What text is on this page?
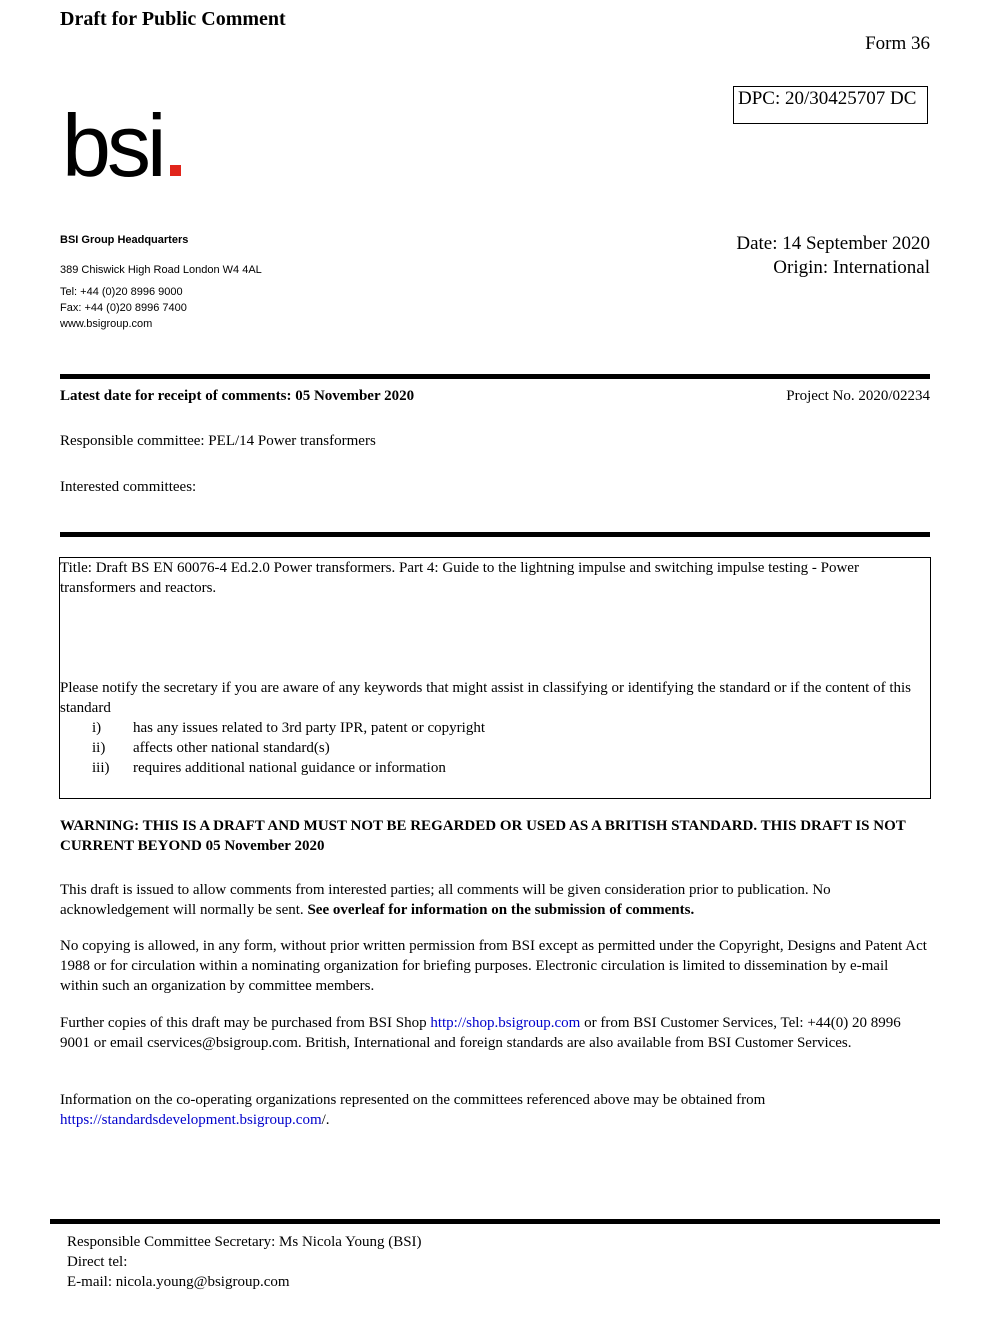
Draft for Public Comment
Form 36
DPC: 20/30425707 DC
bsi
BSI Group Headquarters
389 Chiswick High Road London W4 4AL
Tel: +44 (0)20 8996 9000
Fax: +44 (0)20 8996 7400
www.bsigroup.com
Date: 14 September 2020
Origin: International
Latest date for receipt of comments: 05 November 2020	Project No. 2020/02234
Responsible committee: PEL/14 Power transformers
Interested committees:
Title: Draft BS EN 60076-4 Ed.2.0 Power transformers. Part 4: Guide to the lightning impulse and switching impulse testing - Power transformers and reactors.
Please notify the secretary if you are aware of any keywords that might assist in classifying or identifying the standard or if the content of this standard
i) has any issues related to 3rd party IPR, patent or copyright
ii) affects other national standard(s)
iii) requires additional national guidance or information
WARNING: THIS IS A DRAFT AND MUST NOT BE REGARDED OR USED AS A BRITISH STANDARD. THIS DRAFT IS NOT CURRENT BEYOND 05 November 2020
This draft is issued to allow comments from interested parties; all comments will be given consideration prior to publication. No acknowledgement will normally be sent. See overleaf for information on the submission of comments.
No copying is allowed, in any form, without prior written permission from BSI except as permitted under the Copyright, Designs and Patent Act 1988 or for circulation within a nominating organization for briefing purposes. Electronic circulation is limited to dissemination by e-mail within such an organization by committee members.
Further copies of this draft may be purchased from BSI Shop http://shop.bsigroup.com or from BSI Customer Services, Tel: +44(0) 20 8996 9001 or email cservices@bsigroup.com. British, International and foreign standards are also available from BSI Customer Services.
Information on the co-operating organizations represented on the committees referenced above may be obtained from https://standardsdevelopment.bsigroup.com/.
Responsible Committee Secretary: Ms Nicola Young (BSI)
Direct tel:
E-mail: nicola.young@bsigroup.com
